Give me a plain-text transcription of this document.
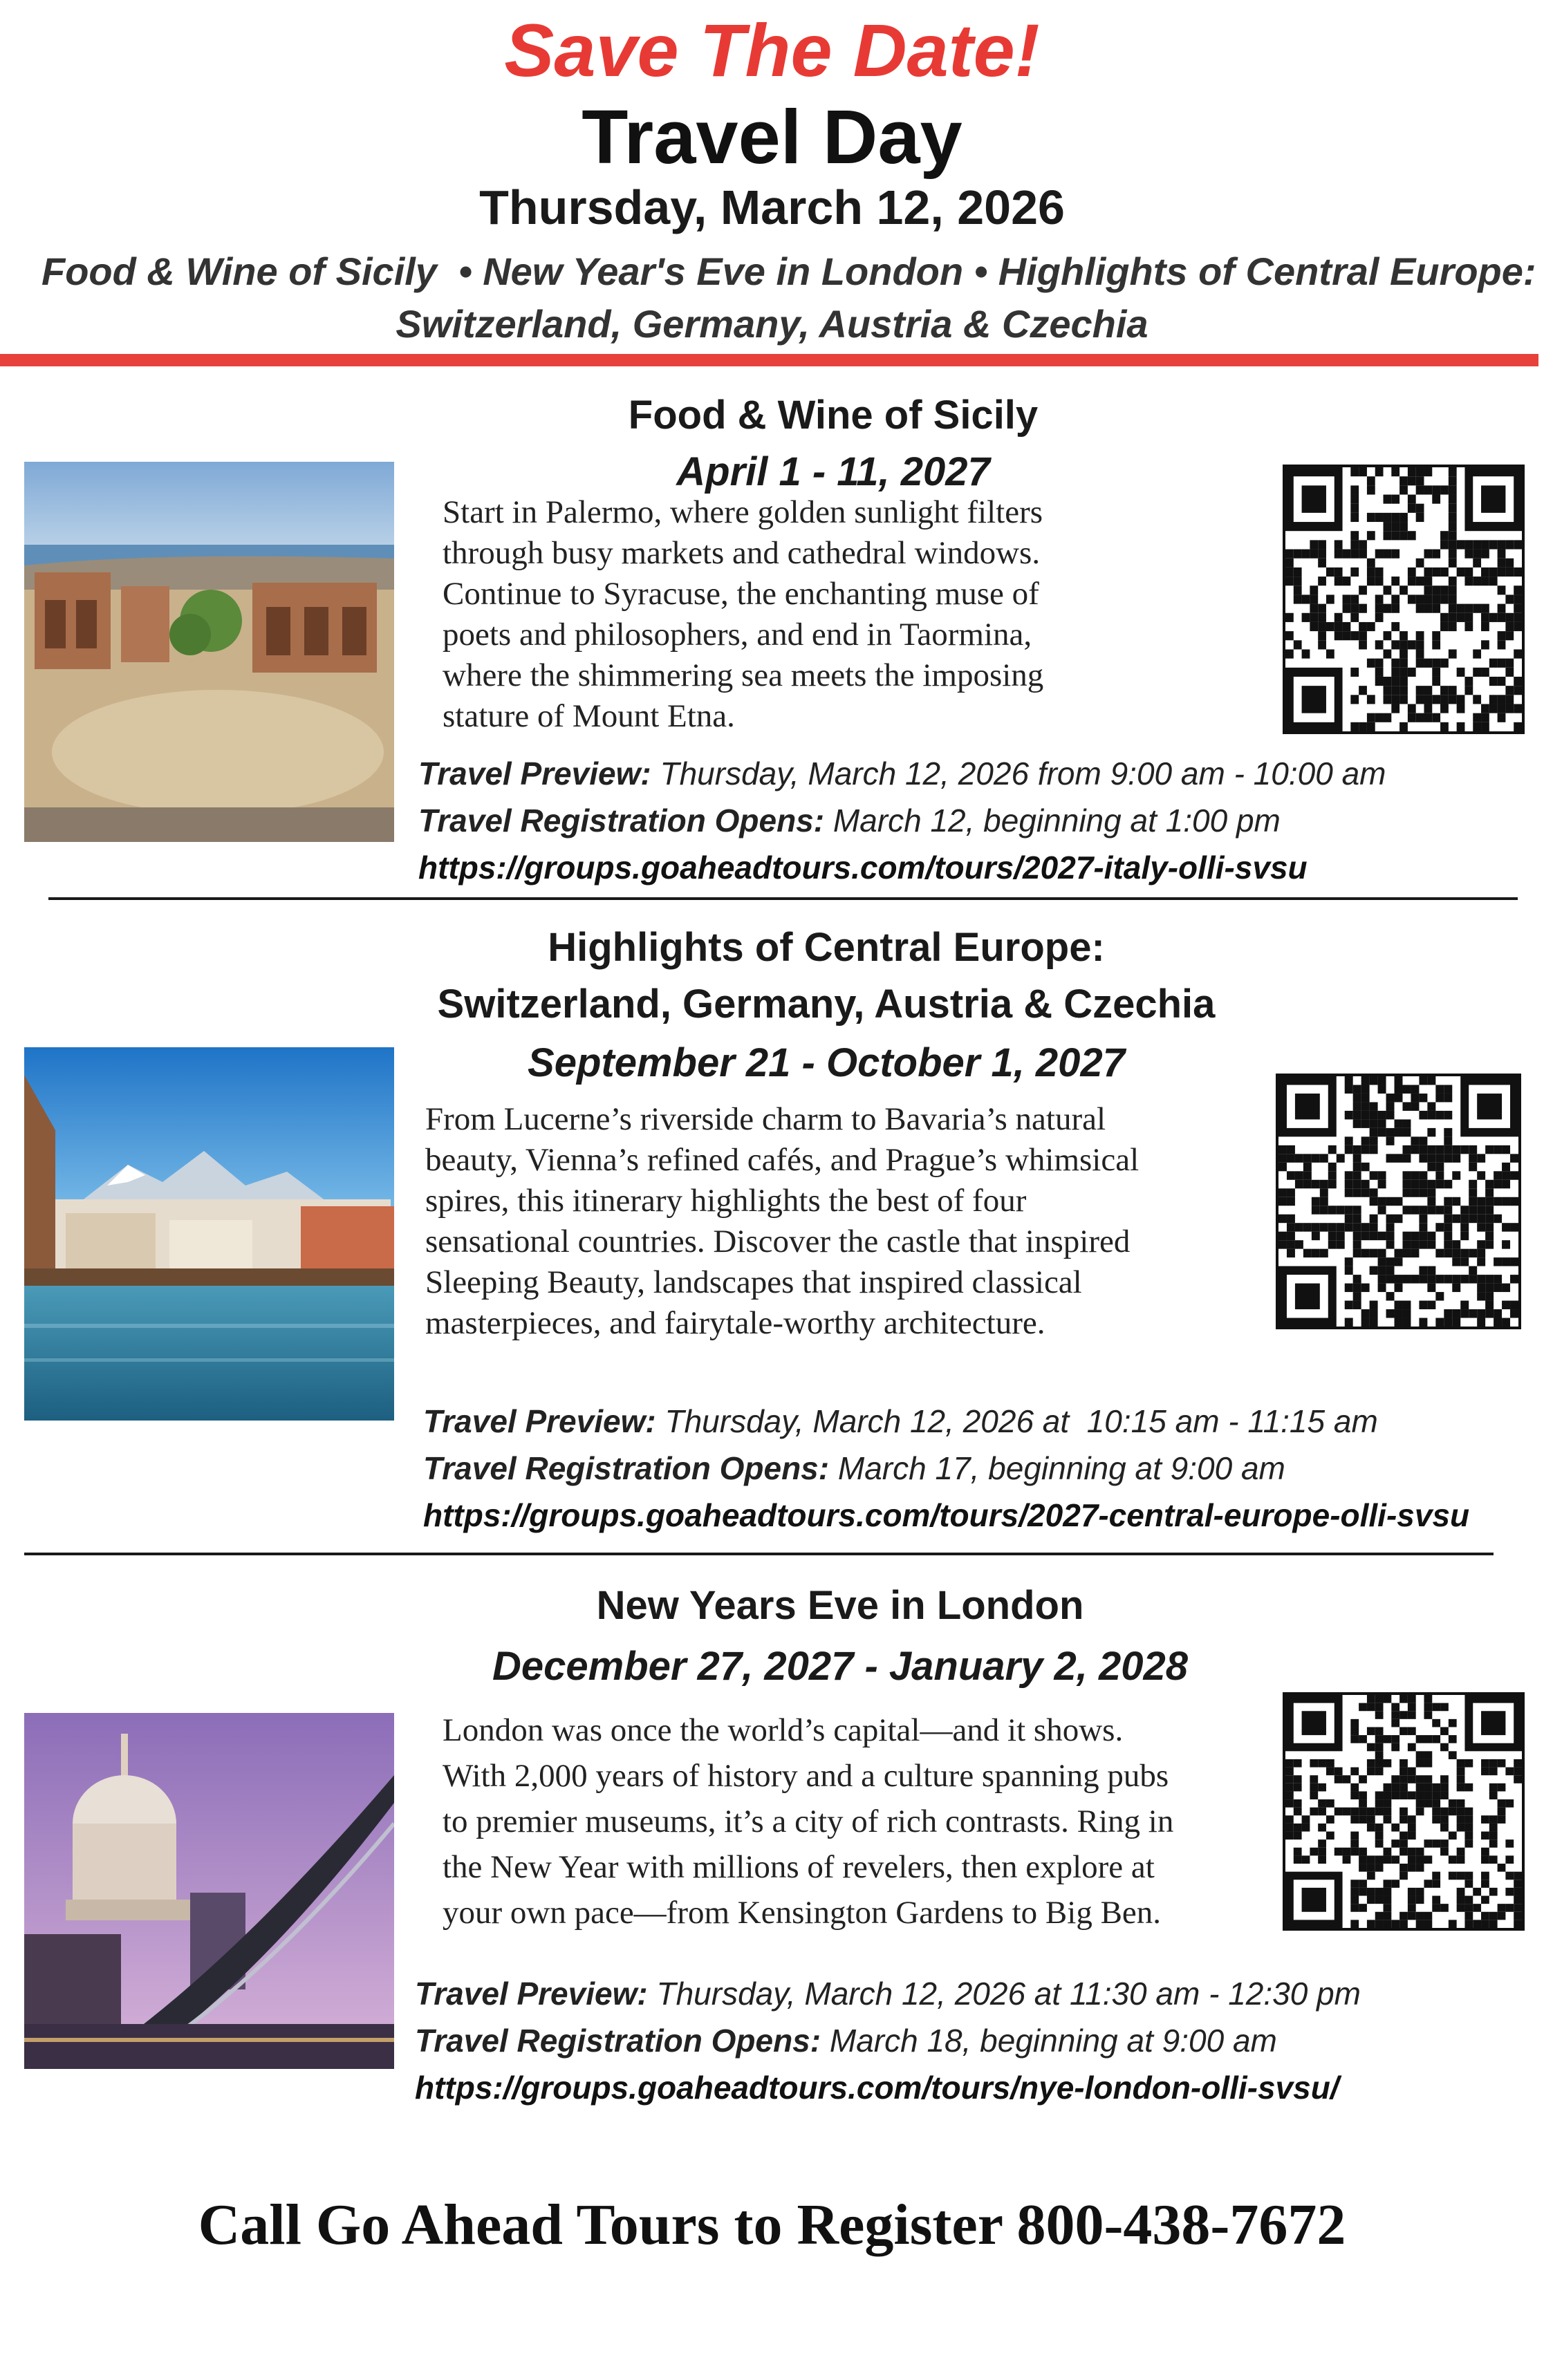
Save The Date!
Travel Day
Thursday, March 12, 2026
Food & Wine of Sicily  • New Year's Eve in London • Highlights of Central Europe:
Switzerland, Germany, Austria & Czechia
Food & Wine of Sicily
April 1 - 11, 2027
Start in Palermo, where golden sunlight filters
through busy markets and cathedral windows.
Continue to Syracuse, the enchanting muse of
poets and philosophers, and end in Taormina,
where the shimmering sea meets the imposing
stature of Mount Etna.
Travel Preview: Thursday, March 12, 2026 from 9:00 am - 10:00 am
Travel Registration Opens: March 12, beginning at 1:00 pm
https://groups.goaheadtours.com/tours/2027-italy-olli-svsu
Highlights of Central Europe:
Switzerland, Germany, Austria & Czechia
September 21 - October 1, 2027
From Lucerne’s riverside charm to Bavaria’s natural
beauty, Vienna’s refined cafés, and Prague’s whimsical
spires, this itinerary highlights the best of four
sensational countries. Discover the castle that inspired
Sleeping Beauty, landscapes that inspired classical
masterpieces, and fairytale-worthy architecture.
Travel Preview: Thursday, March 12, 2026 at  10:15 am - 11:15 am
Travel Registration Opens: March 17, beginning at 9:00 am
https://groups.goaheadtours.com/tours/2027-central-europe-olli-svsu
New Years Eve in London
December 27, 2027 - January 2, 2028
London was once the world’s capital—and it shows.
With 2,000 years of history and a culture spanning pubs
to premier museums, it’s a city of rich contrasts. Ring in
the New Year with millions of revelers, then explore at
your own pace—from Kensington Gardens to Big Ben.
Travel Preview: Thursday, March 12, 2026 at 11:30 am - 12:30 pm
Travel Registration Opens: March 18, beginning at 9:00 am
https://groups.goaheadtours.com/tours/nye-london-olli-svsu/
Call Go Ahead Tours to Register 800-438-7672
